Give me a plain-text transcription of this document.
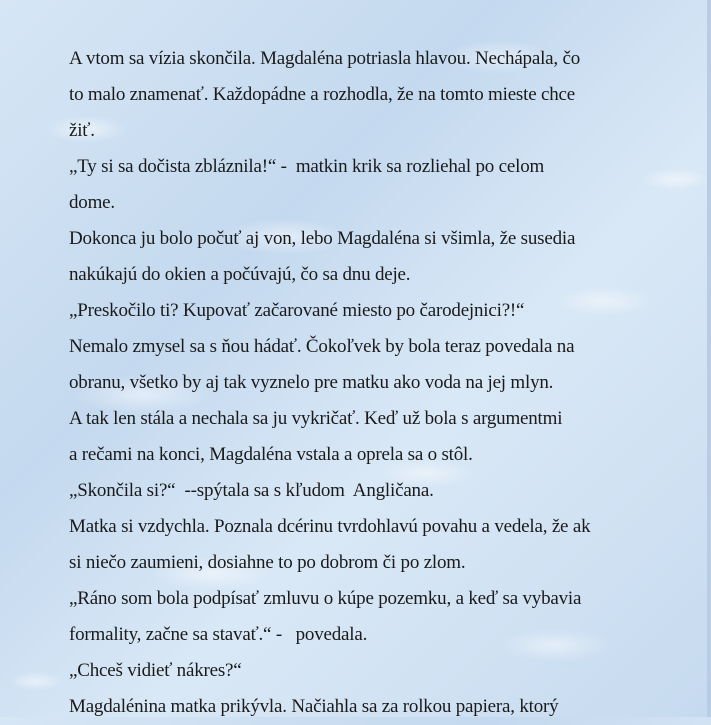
A vtom sa vízia skončila. Magdaléna potriasla hlavou. Nechápala, čo
to malo znamenať. Každopádne a rozhodla, že na tomto mieste chce
žiť.
„Ty si sa dočista zbláznila!“ -  matkin krik sa rozliehal po celom
dome.
Dokonca ju bolo počuť aj von, lebo Magdaléna si všimla, že susedia
nakúkajú do okien a počúvajú, čo sa dnu deje.
„Preskočilo ti? Kupovať začarované miesto po čarodejnici?!“
Nemalo zmysel sa s ňou hádať. Čokoľvek by bola teraz povedala na
obranu, všetko by aj tak vyznelo pre matku ako voda na jej mlyn.
A tak len stála a nechala sa ju vykričať. Keď už bola s argumentmi
a rečami na konci, Magdaléna vstala a oprela sa o stôl.
„Skončila si?“  --spýtala sa s kľudom  Angličana.
Matka si vzdychla. Poznala dcérinu tvrdohlavú povahu a vedela, že ak
si niečo zaumieni, dosiahne to po dobrom či po zlom.
„Ráno som bola podpísať zmluvu o kúpe pozemku, a keď sa vybavia
formality, začne sa stavať.“ -   povedala.
„Chceš vidieť nákres?“
Magdalénina matka prikývla. Načiahla sa za rolkou papiera, ktorý
